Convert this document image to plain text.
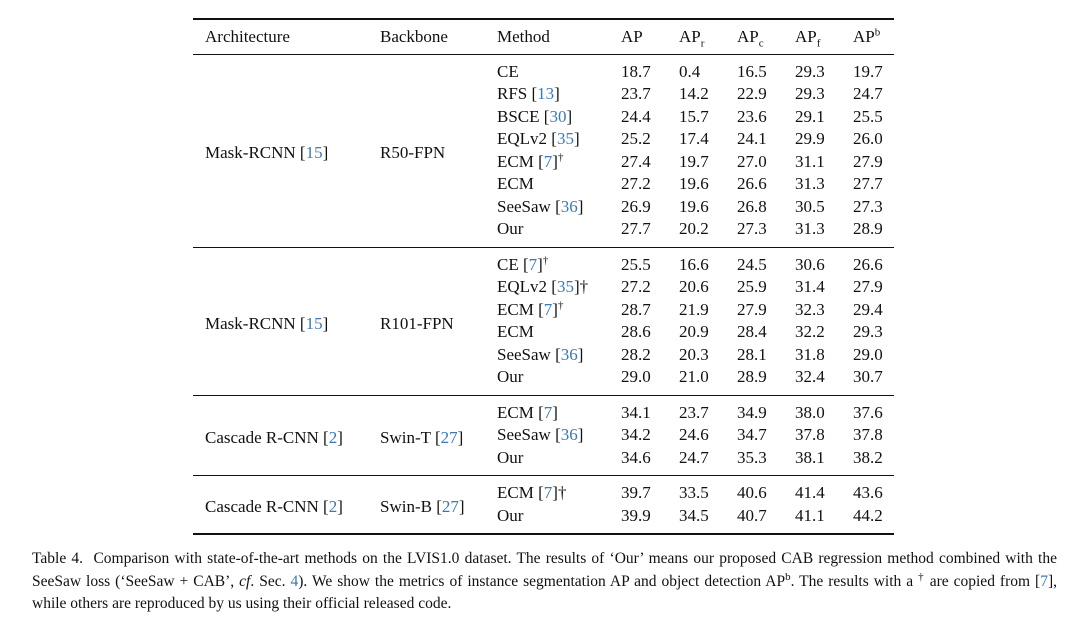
Architecture	Backbone	Method	AP	$AP_r$	$AP_c$	$AP_f$	$AP^b$
Mask-RCNN [15]	R50-FPN	CE	18.7	0.4	16.5	29.3	19.7
		RFS [13]	23.7	14.2	22.9	29.3	24.7
		BSCE [30]	24.4	15.7	23.6	29.1	25.5
		EQLv2 [35]	25.2	17.4	24.1	29.9	26.0
		ECM [7]†	27.4	19.7	27.0	31.1	27.9
		ECM	27.2	19.6	26.6	31.3	27.7
		SeeSaw [36]	26.9	19.6	26.8	30.5	27.3
		Our	27.7	20.2	27.3	31.3	28.9
Mask-RCNN [15]	R101-FPN	CE [7]†	25.5	16.6	24.5	30.6	26.6
		EQLv2 [35]†	27.2	20.6	25.9	31.4	27.9
		ECM [7]†	28.7	21.9	27.9	32.3	29.4
		ECM	28.6	20.9	28.4	32.2	29.3
		SeeSaw [36]	28.2	20.3	28.1	31.8	29.0
		Our	29.0	21.0	28.9	32.4	30.7
Cascade R-CNN [2]	Swin-T [27]	ECM [7]	34.1	23.7	34.9	38.0	37.6
		SeeSaw [36]	34.2	24.6	34.7	37.8	37.8
		Our	34.6	24.7	35.3	38.1	38.2
Cascade R-CNN [2]	Swin-B [27]	ECM [7]†	39.7	33.5	40.6	41.4	43.6
		Our	39.9	34.5	40.7	41.1	44.2
Table 4. Comparison with state-of-the-art methods on the LVIS1.0 dataset. The results of ‘Our’ means our proposed CAB regression method combined with the SeeSaw loss (‘SeeSaw + CAB’, cf. Sec. 4). We show the metrics of instance segmentation AP and object detection $AP^b$. The results with a † are copied from [7], while others are reproduced by us using their official released code.
